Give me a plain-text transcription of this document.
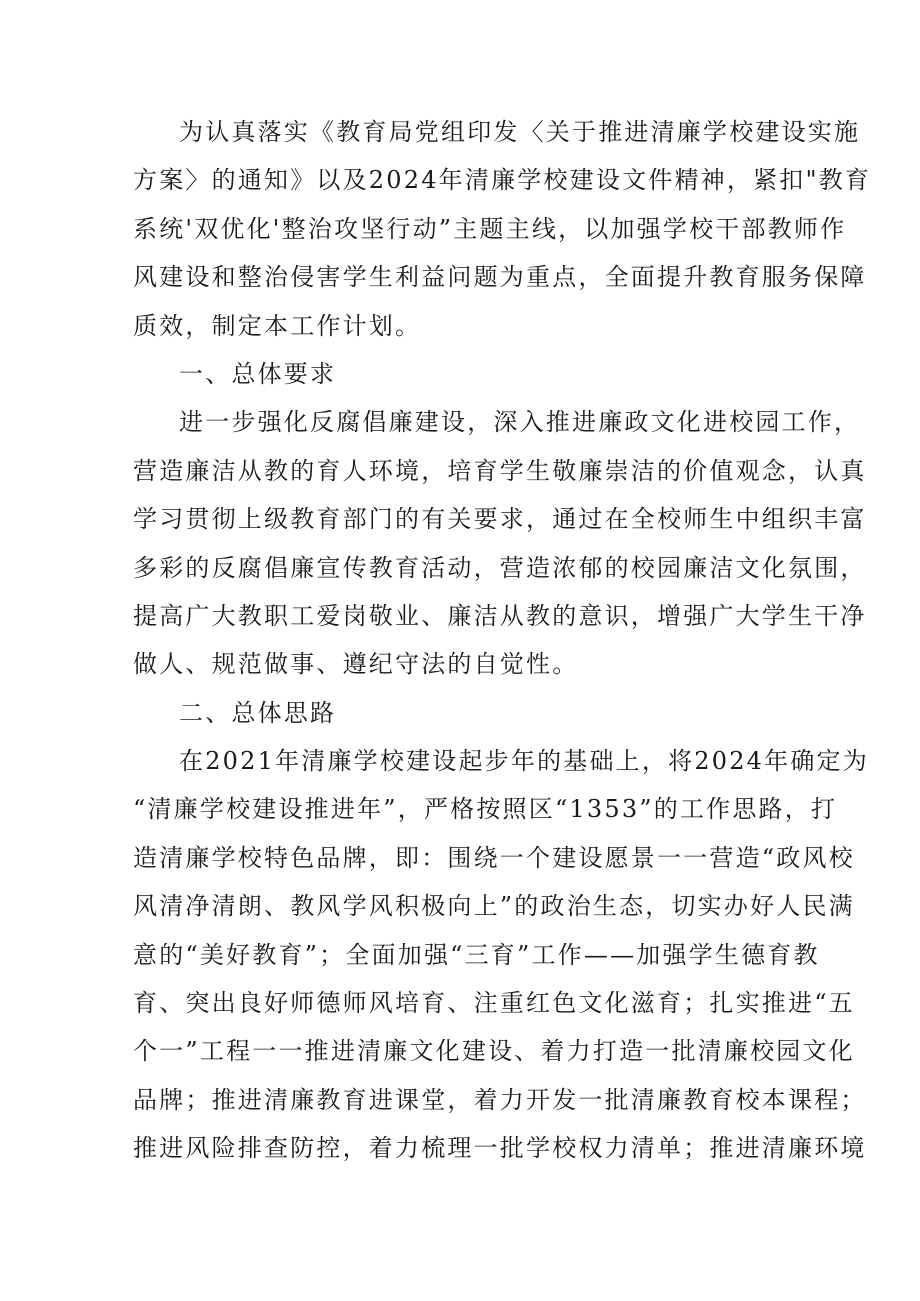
为认真落实《教育局党组印发〈关于推进清廉学校建设实施
方案〉的通知》以及2024年清廉学校建设文件精神，紧扣"教育
系统'双优化'整治攻坚行动”主题主线，以加强学校干部教师作
风建设和整治侵害学生利益问题为重点，全面提升教育服务保障
质效，制定本工作计划。
一、总体要求
进一步强化反腐倡廉建设，深入推进廉政文化进校园工作，
营造廉洁从教的育人环境，培育学生敬廉崇洁的价值观念，认真
学习贯彻上级教育部门的有关要求，通过在全校师生中组织丰富
多彩的反腐倡廉宣传教育活动，营造浓郁的校园廉洁文化氛围，
提高广大教职工爱岗敬业、廉洁从教的意识，增强广大学生干净
做人、规范做事、遵纪守法的自觉性。
二、总体思路
在2021年清廉学校建设起步年的基础上，将2024年确定为
“清廉学校建设推进年”，严格按照区“1353”的工作思路，打
造清廉学校特色品牌，即：围绕一个建设愿景一一营造“政风校
风清净清朗、教风学风积极向上”的政治生态，切实办好人民满
意的“美好教育”；全面加强“三育”工作——加强学生德育教
育、突出良好师德师风培育、注重红色文化滋育；扎实推进“五
个一”工程一一推进清廉文化建设、着力打造一批清廉校园文化
品牌；推进清廉教育进课堂，着力开发一批清廉教育校本课程；
推进风险排查防控，着力梳理一批学校权力清单；推进清廉环境
